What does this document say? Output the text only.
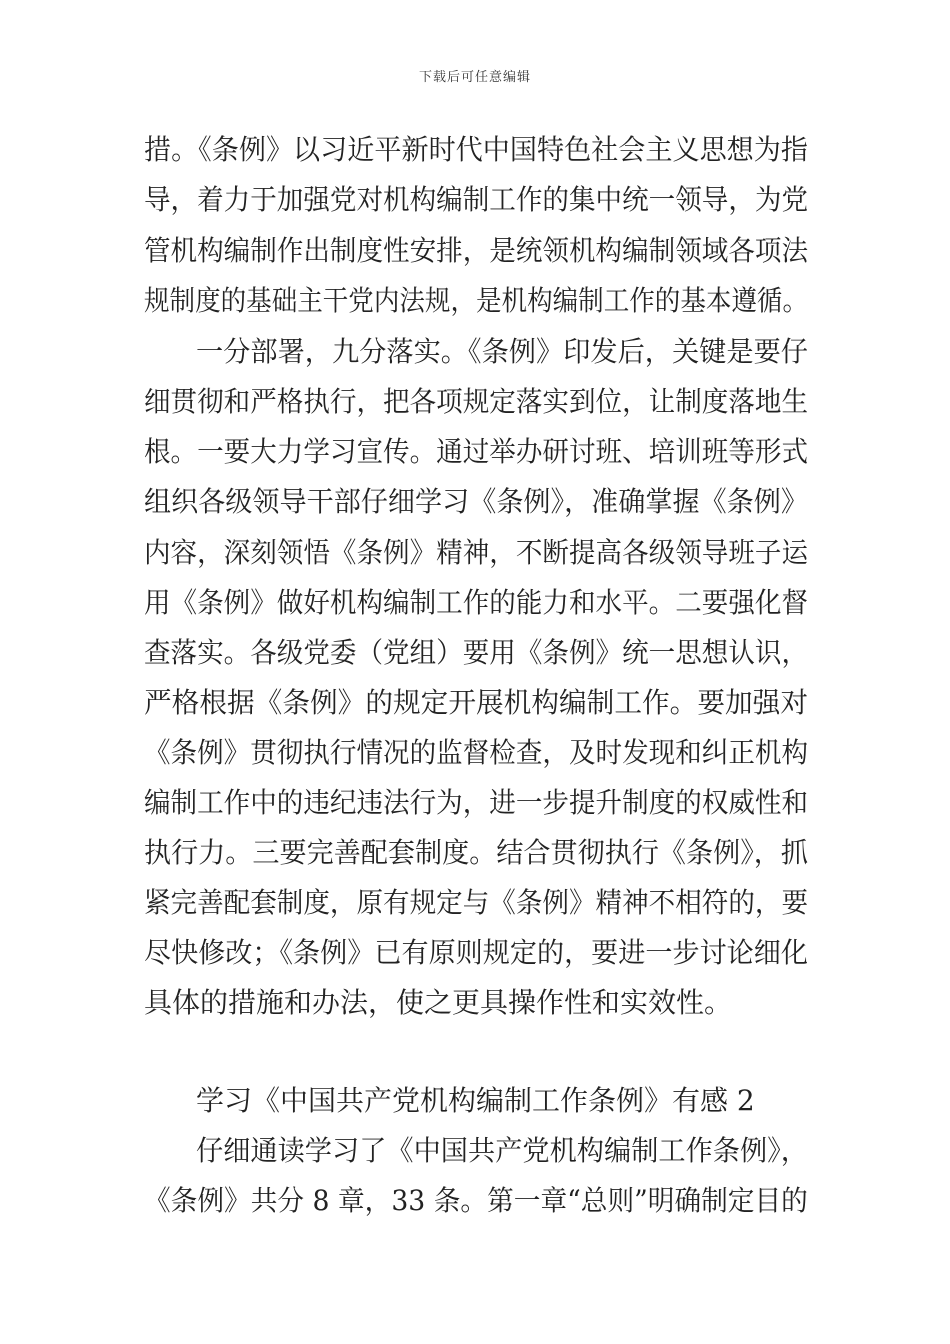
下载后可任意编辑
措。《条例》以习近平新时代中国特色社会主义思想为指
导，着力于加强党对机构编制工作的集中统一领导，为党
管机构编制作出制度性安排，是统领机构编制领域各项法
规制度的基础主干党内法规，是机构编制工作的基本遵循。
一分部署，九分落实。《条例》印发后，关键是要仔
细贯彻和严格执行，把各项规定落实到位，让制度落地生
根。一要大力学习宣传。通过举办研讨班、培训班等形式
组织各级领导干部仔细学习《条例》，准确掌握《条例》
内容，深刻领悟《条例》精神，不断提高各级领导班子运
用《条例》做好机构编制工作的能力和水平。二要强化督
查落实。各级党委（党组）要用《条例》统一思想认识，
严格根据《条例》的规定开展机构编制工作。要加强对
《条例》贯彻执行情况的监督检查，及时发现和纠正机构
编制工作中的违纪违法行为，进一步提升制度的权威性和
执行力。三要完善配套制度。结合贯彻执行《条例》，抓
紧完善配套制度，原有规定与《条例》精神不相符的，要
尽快修改；《条例》已有原则规定的，要进一步讨论细化
具体的措施和办法，使之更具操作性和实效性。
学习《中国共产党机构编制工作条例》有感 2
仔细通读学习了《中国共产党机构编制工作条例》，
《条例》共分 8 章，33 条。第一章“总则”明确制定目的
